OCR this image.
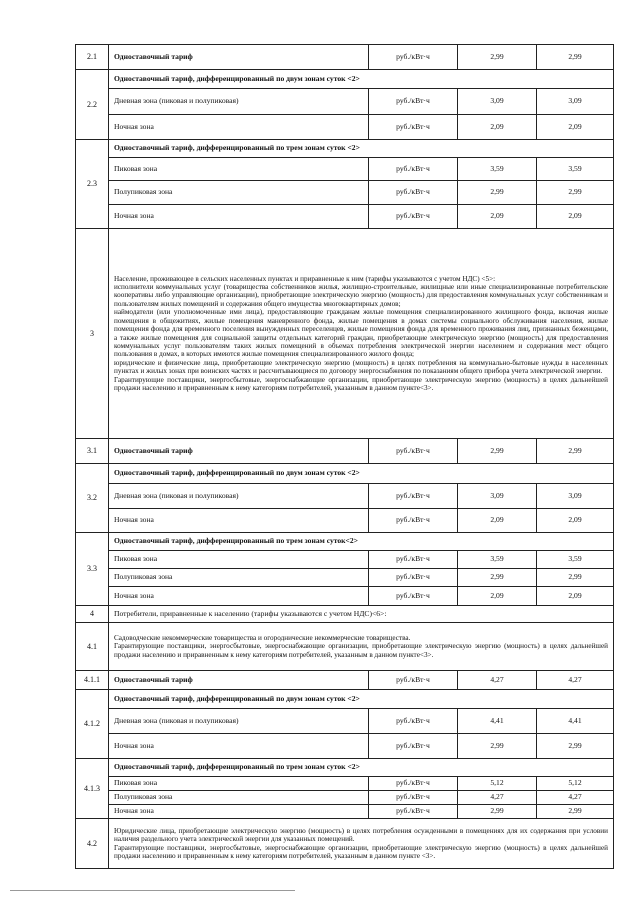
2.1	Одноставочный тариф	руб./кВт·ч	2,99	2,99
2.2	Одноставочный тариф, дифференцированный по двум зонам суток <2>			
	Дневная зона (пиковая и полупиковая)	руб./кВт·ч	3,09	3,09
	Ночная зона	руб./кВт·ч	2,09	2,09
2.3	Одноставочный тариф, дифференцированный по трем зонам суток <2>			
	Пиковая зона	руб./кВт·ч	3,59	3,59
	Полупиковая зона	руб./кВт·ч	2,99	2,99
	Ночная зона	руб./кВт·ч	2,09	2,09
3	Население, проживающее в сельских населенных пунктах и приравненные к ним (тарифы указываются с учетом НДС) <5>:

исполнители коммунальных услуг (товарищества собственников жилья, жилищно-строительные, жилищные или иные специализированные потребительские кооперативы либо управляющие организации), приобретающие электрическую энергию (мощность) для предоставления коммунальных услуг собственникам и пользователям жилых помещений и содержания общего имущества многоквартирных домов;

наймодатели (или уполномоченные ими лица), предоставляющие гражданам жилые помещения специализированного жилищного фонда, включая жилые помещения в общежитиях, жилые помещения маневренного фонда, жилые помещения в домах системы социального обслуживания населения, жилые помещения фонда для временного поселения вынужденных переселенцев, жилые помещения фонда для временного проживания лиц, признанных беженцами, а также жилые помещения для социальной защиты отдельных категорий граждан, приобретающие электрическую энергию (мощность) для предоставления коммунальных услуг пользователям таких жилых помещений в объемах потребления электрической энергии населением и содержания мест общего пользования в домах, в которых имеются жилые помещения специализированного жилого фонда;

юридические и физические лица, приобретающие электрическую энергию (мощность) в целях потребления на коммунально-бытовые нужды в населенных пунктах и жилых зонах при воинских частях и рассчитывающиеся по договору энергоснабжения по показаниям общего прибора учета электрической энергии.

Гарантирующие поставщики, энергосбытовые, энергоснабжающие организации, приобретающие электрическую энергию (мощность) в целях дальнейшей продажи населению и приравненным к нему категориям потребителей, указанным в данном пункте<3>.			

3.1	Одноставочный тариф	руб./кВт·ч	2,99	2,99
3.2	Одноставочный тариф, дифференцированный по двум зонам суток <2>			
	Дневная зона (пиковая и полупиковая)	руб./кВт·ч	3,09	3,09
	Ночная зона	руб./кВт·ч	2,09	2,09
3.3	Одноставочный тариф, дифференцированный по трем зонам суток<2>			
	Пиковая зона	руб./кВт·ч	3,59	3,59
	Полупиковая зона	руб./кВт·ч	2,99	2,99
	Ночная зона	руб./кВт·ч	2,09	2,09
4	Потребители, приравненные к населению (тарифы указываются с учетом НДС)<6>:			
4.1	Садоводческие некоммерческие товарищества и огороднические некоммерческие товарищества.

Гарантирующие поставщики, энергосбытовые, энергоснабжающие организации, приобретающие электрическую энергию (мощность) в целях дальнейшей продажи населению и приравненным к нему категориям потребителей, указанным в данном пункте<3>.			

4.1.1	Одноставочный тариф	руб./кВт·ч	4,27	4,27
4.1.2	Одноставочный тариф, дифференцированный по двум зонам суток <2>			
	Дневная зона (пиковая и полупиковая)	руб./кВт·ч	4,41	4,41
	Ночная зона	руб./кВт·ч	2,99	2,99
4.1.3	Одноставочный тариф, дифференцированный по трем зонам суток <2>			
	Пиковая зона	руб./кВт·ч	5,12	5,12
	Полупиковая зона	руб./кВт·ч	4,27	4,27
	Ночная зона	руб./кВт·ч	2,99	2,99
4.2	Юридические лица, приобретающие электрическую энергию (мощность) в целях потребления осужденными в помещениях для их содержания при условии наличия раздельного учета электрической энергии для указанных помещений.

Гарантирующие поставщики, энергосбытовые, энергоснабжающие организации, приобретающие электрическую энергию (мощность) в целях дальнейшей продажи населению и приравненным к нему категориям потребителей, указанным в данном пункте <3>.			
